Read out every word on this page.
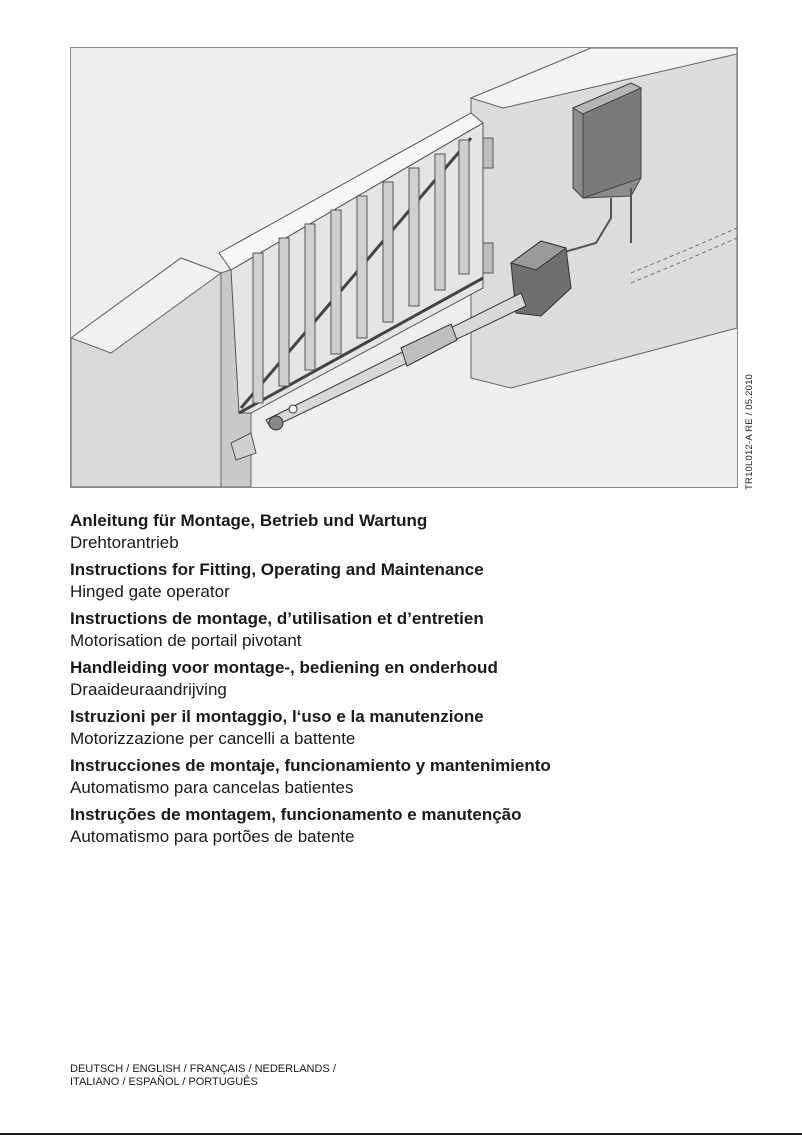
TR10L012-A RE / 05.2010
Anleitung für Montage, Betrieb und Wartung
Drehtorantrieb
Instructions for Fitting, Operating and Maintenance
Hinged gate operator
Instructions de montage, d’utilisation et d’entretien
Motorisation de portail pivotant
Handleiding voor montage-, bediening en onderhoud
Draaideuraandrijving
Istruzioni per il montaggio, l‘uso e la manutenzione
Motorizzazione per cancelli a battente
Instrucciones de montaje, funcionamiento y mantenimiento
Automatismo para cancelas batientes
Instruções de montagem, funcionamento e manutenção
Automatismo para portões de batente
DEUTSCH / ENGLISH / FRANÇAIS / NEDERLANDS /
ITALIANO / ESPAÑOL / PORTUGUÊS
